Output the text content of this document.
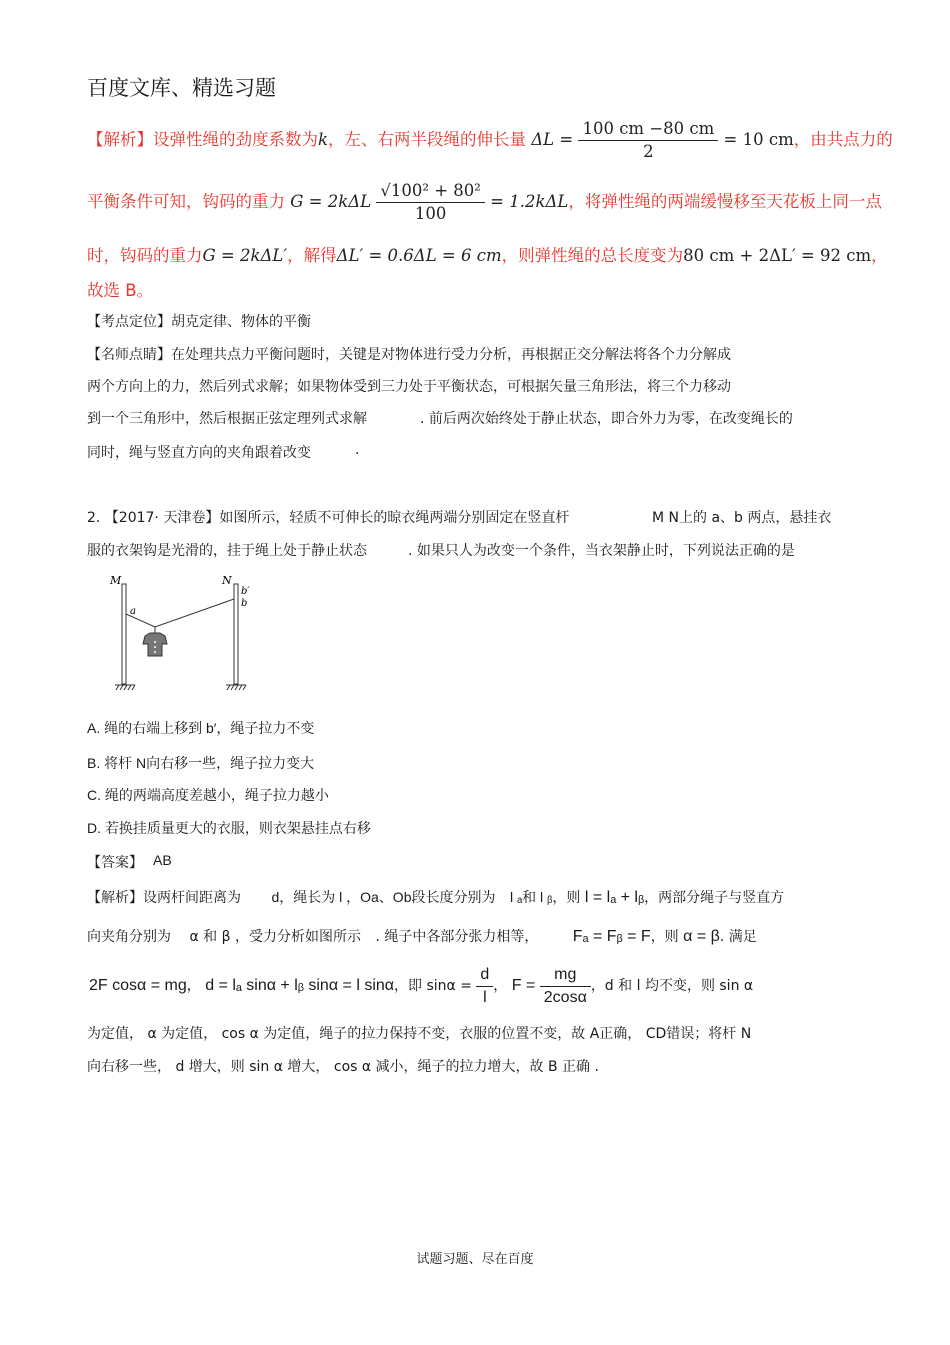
百度文库、精选习题
【解析】设弹性绳的劲度系数为k，左、右两半段绳的伸长量 $\Delta L = \frac{100 cm -80 cm}{2} = 10$ cm，由共点力的
平衡条件可知，钩码的重力 $G = 2k\Delta L \frac{\text{√100² + 80²}}{100} = 1.2k\Delta L$，将弹性绳的两端缓慢移至天花板上同一点
时，钩码的重力G = 2kΔL′，解得ΔL′ = 0.6ΔL = 6 cm，则弹性绳的总长度变为80 cm + 2ΔL′ = 92 cm，
故选 B。
【考点定位】胡克定律、物体的平衡
【名师点睛】在处理共点力平衡问题时，关键是对物体进行受力分析，再根据正交分解法将各个力分解成
两个方向上的力，然后列式求解；如果物体受到三力处于平衡状态，可根据矢量三角形法，将三个力移动
到一个三角形中，然后根据正弦定理列式求解	. 前后两次始终处于静止状态，即合外力为零，在改变绳长的
同时，绳与竖直方向的夹角跟着改变	.
2. 【2017· 天津卷】如图所示，轻质不可伸长的晾衣绳两端分别固定在竖直杆	M N上的 a、b 两点，悬挂衣
服的衣架钩是光滑的，挂于绳上处于静止状态	. 如果只人为改变一个条件，当衣架静止时，下列说法正确的是
M	N
a
b′
b
A. 绳的右端上移到 b′，绳子拉力不变
B. 将杆 N向右移一些，绳子拉力变大
C. 绳的两端高度差越小，绳子拉力越小
D. 若换挂质量更大的衣服，则衣架悬挂点右移
【答案】 AB
【解析】设两杆间距离为 d，绳长为 l ，Oa、Ob段长度分别为 l ₐ和 l ᵦ，则 l = lₐ + lᵦ，两部分绳子与竖直方
向夹角分别为 α 和 β ，受力分析如图所示 . 绳子中各部分张力相等， Fₐ = Fᵦ = F，则 α = β. 满足
2F cosα = mg， d = lₐ sinα + lᵦ sinα = l sinα，即 $\sin\alpha = \frac{d}{l}$ ， $F = \frac{mg}{2\cos\alpha}$ ，d 和 l 均不变，则 sin α
为定值， α 为定值， cos α 为定值，绳子的拉力保持不变，衣服的位置不变，故 A正确， CD错误；将杆 N
向右移一些， d 增大，则 sin α 增大， cos α 减小，绳子的拉力增大，故 B 正确 .
试题习题、尽在百度
